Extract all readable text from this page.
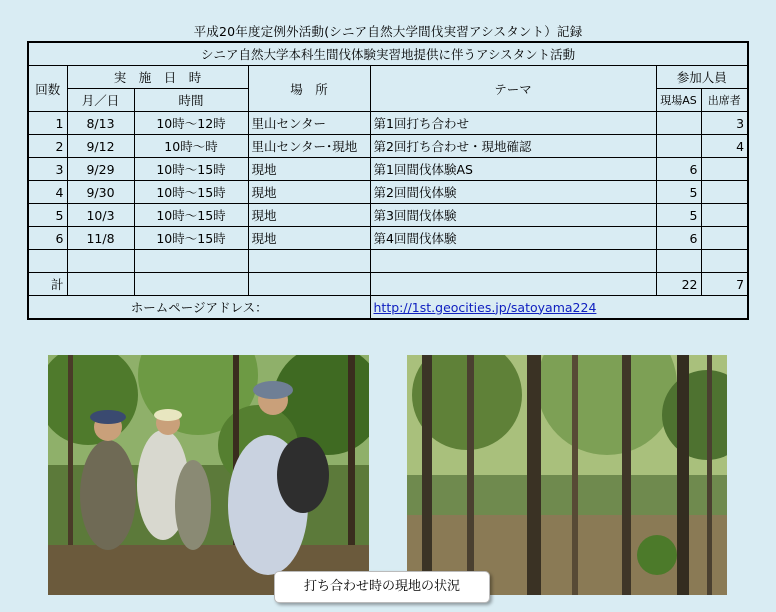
平成20年度定例外活動(シニア自然大学間伐実習アシスタント）記録
シニア自然大学本科生間伐体験実習地提供に伴うアシスタント活動						
回数	実　施　日　時		場　所	テーマ	参加人員	
	月／日	時間			現場AS	出席者
1	8/13	10時～12時	里山センター	第1回打ち合わせ		3
2	9/12	10時～時	里山センター･現地	第2回打ち合わせ・現地確認		4
3	9/29	10時～15時	現地	第1回間伐体験AS	6	
4	9/30	10時～15時	現地	第2回間伐体験	5	
5	10/3	10時～15時	現地	第3回間伐体験	5	
6	11/8	10時～15時	現地	第4回間伐体験	6	

計					22	7
ホームページアドレス：				http://1st.geocities.jp/satoyama224		
打ち合わせ時の現地の状況
